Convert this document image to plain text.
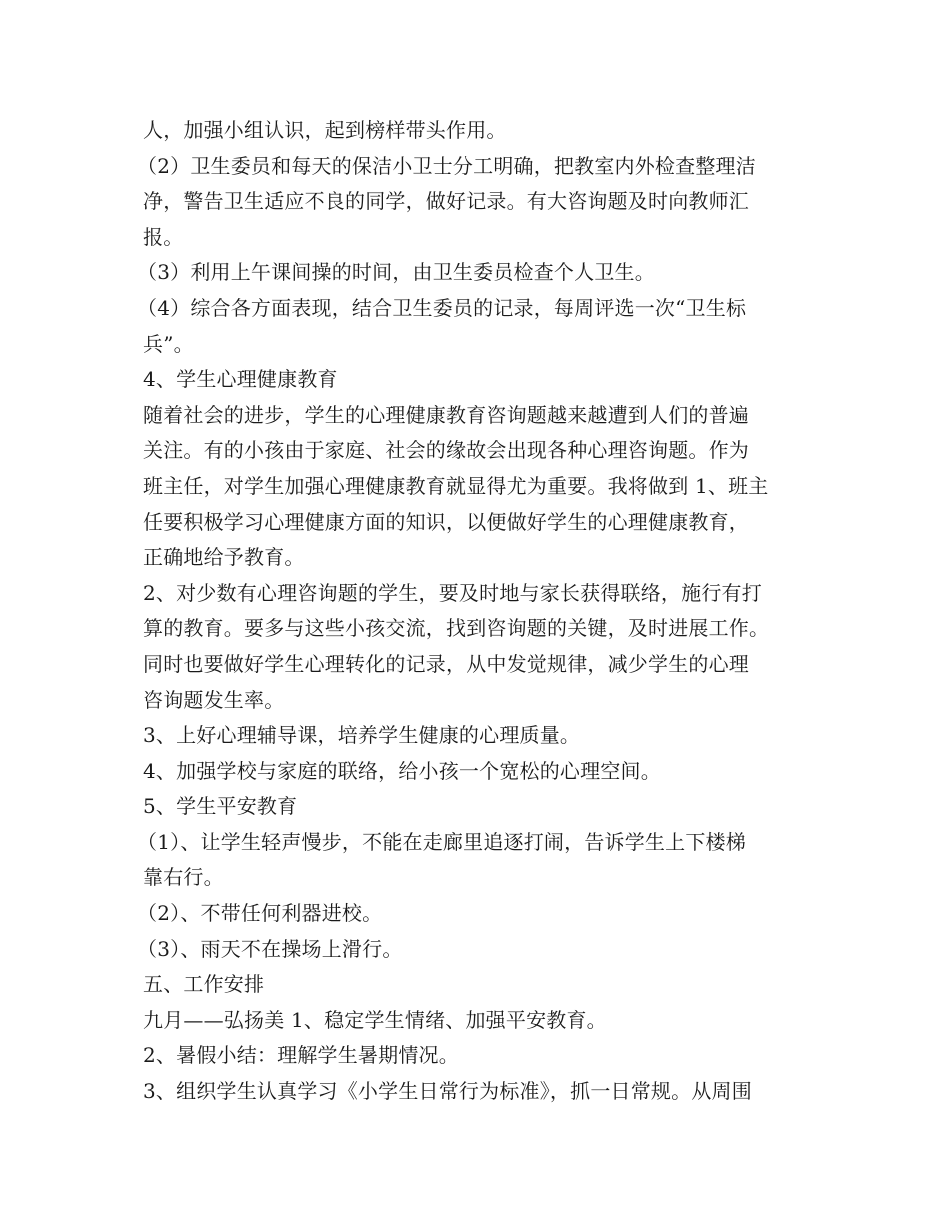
人，加强小组认识，起到榜样带头作用。
（2）卫生委员和每天的保洁小卫士分工明确，把教室内外检查整理洁
净，警告卫生适应不良的同学，做好记录。有大咨询题及时向教师汇
报。
（3）利用上午课间操的时间，由卫生委员检查个人卫生。
（4）综合各方面表现，结合卫生委员的记录，每周评选一次“卫生标
兵”。
4、学生心理健康教育
随着社会的进步，学生的心理健康教育咨询题越来越遭到人们的普遍
关注。有的小孩由于家庭、社会的缘故会出现各种心理咨询题。作为
班主任，对学生加强心理健康教育就显得尤为重要。我将做到 1、班主
任要积极学习心理健康方面的知识，以便做好学生的心理健康教育，
正确地给予教育。
2、对少数有心理咨询题的学生，要及时地与家长获得联络，施行有打
算的教育。要多与这些小孩交流，找到咨询题的关键，及时进展工作。
同时也要做好学生心理转化的记录，从中发觉规律，减少学生的心理
咨询题发生率。
3、上好心理辅导课，培养学生健康的心理质量。
4、加强学校与家庭的联络，给小孩一个宽松的心理空间。
5、学生平安教育
（1）、让学生轻声慢步，不能在走廊里追逐打闹，告诉学生上下楼梯
靠右行。
（2）、不带任何利器进校。
（3）、雨天不在操场上滑行。
五、工作安排
九月——弘扬美 1、稳定学生情绪、加强平安教育。
2、暑假小结：理解学生暑期情况。
3、组织学生认真学习《小学生日常行为标准》，抓一日常规。从周围
